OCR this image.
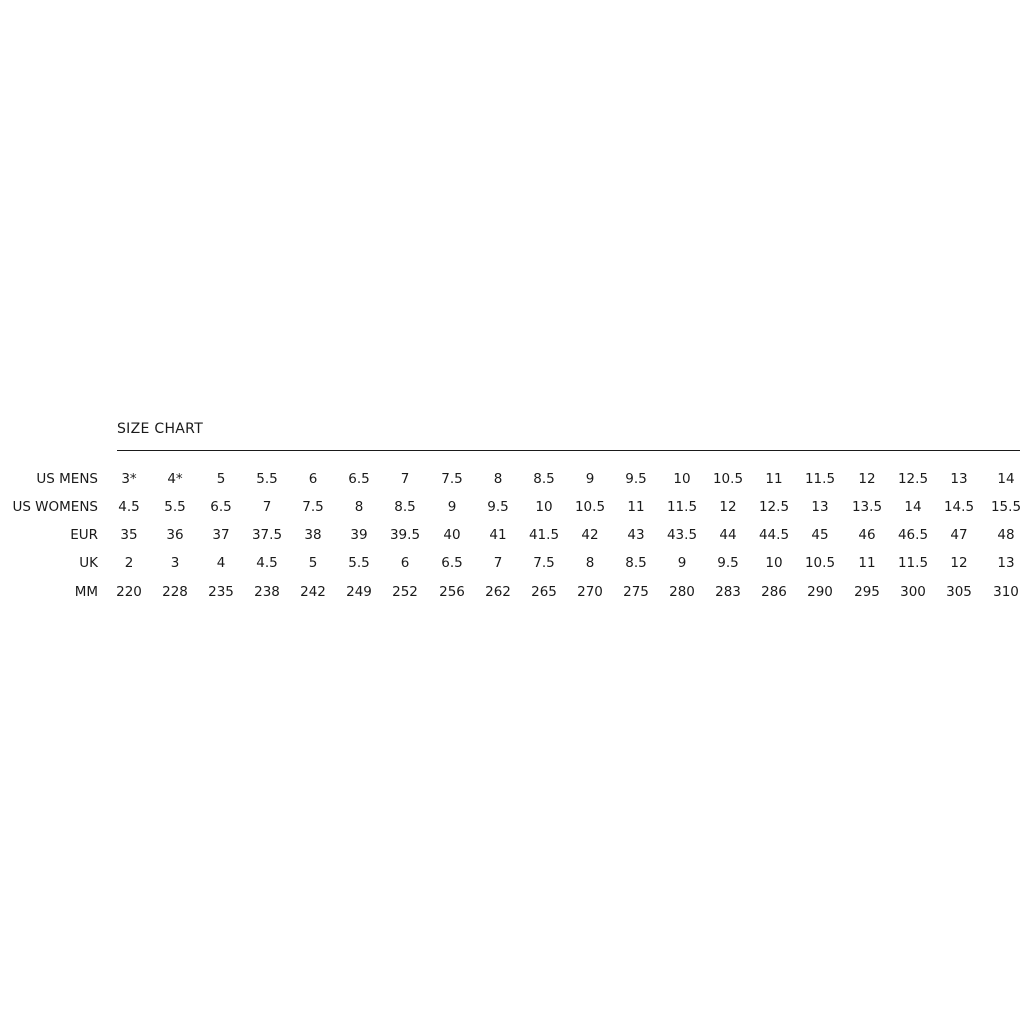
SIZE CHART
US MENS	3*	4*	5	5.5	6	6.5	7	7.5	8	8.5	9	9.5	10	10.5	11	11.5	12	12.5	13	14
US WOMENS	4.5	5.5	6.5	7	7.5	8	8.5	9	9.5	10	10.5	11	11.5	12	12.5	13	13.5	14	14.5	15.5
EUR	35	36	37	37.5	38	39	39.5	40	41	41.5	42	43	43.5	44	44.5	45	46	46.5	47	48
UK	2	3	4	4.5	5	5.5	6	6.5	7	7.5	8	8.5	9	9.5	10	10.5	11	11.5	12	13
MM	220	228	235	238	242	249	252	256	262	265	270	275	280	283	286	290	295	300	305	310
